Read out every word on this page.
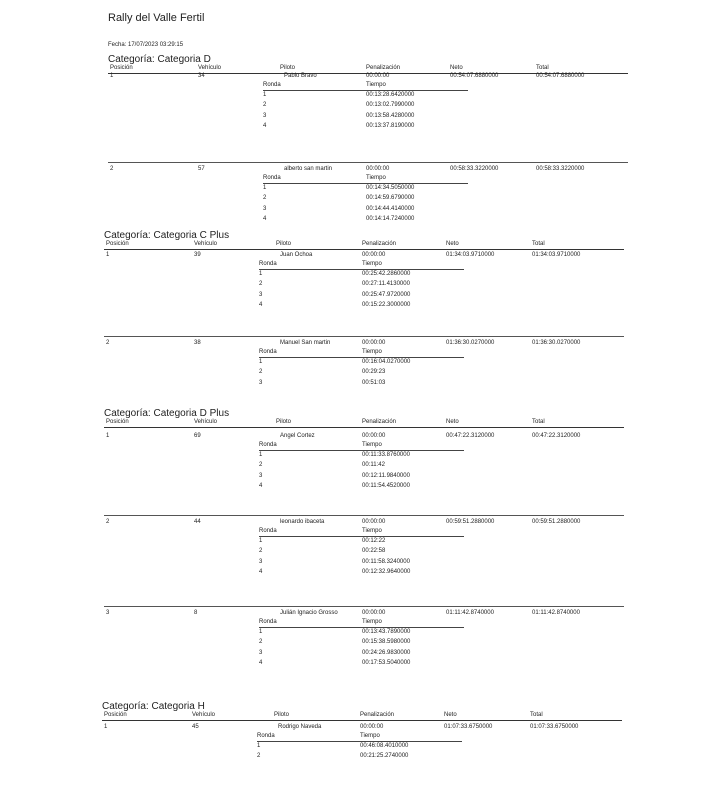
Rally del Valle Fertil
Fecha: 17/07/2023 03:29:15
Categoría: Categoria D
Posición	Vehículo	Piloto	Penalización	Neto	Total
1	34	Pablo Bravo	00:00:00	00:54:07.6880000	00:54:07.6880000
Ronda	Tiempo
1	00:13:28.6420000
2	00:13:02.7990000
3	00:13:58.4280000
4	00:13:37.8190000
2	57	alberto san martin	00:00:00	00:58:33.3220000	00:58:33.3220000
Ronda	Tiempo
1	00:14:34.5050000
2	00:14:59.6790000
3	00:14:44.4140000
4	00:14:14.7240000
Categoría: Categoria C Plus
Posición	Vehículo	Piloto	Penalización	Neto	Total
1	39	Juan Ochoa	00:00:00	01:34:03.9710000	01:34:03.9710000
Ronda	Tiempo
1	00:25:42.2860000
2	00:27:11.4130000
3	00:25:47.9720000
4	00:15:22.3000000
2	38	Manuel San martin	00:00:00	01:36:30.0270000	01:36:30.0270000
Ronda	Tiempo
1	00:16:04.0270000
2	00:29:23
3	00:51:03
Categoría: Categoria D Plus
Posición	Vehículo	Piloto	Penalización	Neto	Total
1	69	Angel Cortez	00:00:00	00:47:22.3120000	00:47:22.3120000
Ronda	Tiempo
1	00:11:33.8760000
2	00:11:42
3	00:12:11.9840000
4	00:11:54.4520000
2	44	leonardo ibaceta	00:00:00	00:59:51.2880000	00:59:51.2880000
Ronda	Tiempo
1	00:12:22
2	00:22:58
3	00:11:58.3240000
4	00:12:32.9640000
3	8	Julián Ignacio Grosso	00:00:00	01:11:42.8740000	01:11:42.8740000
Ronda	Tiempo
1	00:13:43.7890000
2	00:15:38.5980000
3	00:24:26.9830000
4	00:17:53.5040000
Categoría: Categoria H
Posición	Vehículo	Piloto	Penalización	Neto	Total
1	45	Rodrigo Naveda	00:00:00	01:07:33.6750000	01:07:33.6750000
Ronda	Tiempo
1	00:46:08.4010000
2	00:21:25.2740000
